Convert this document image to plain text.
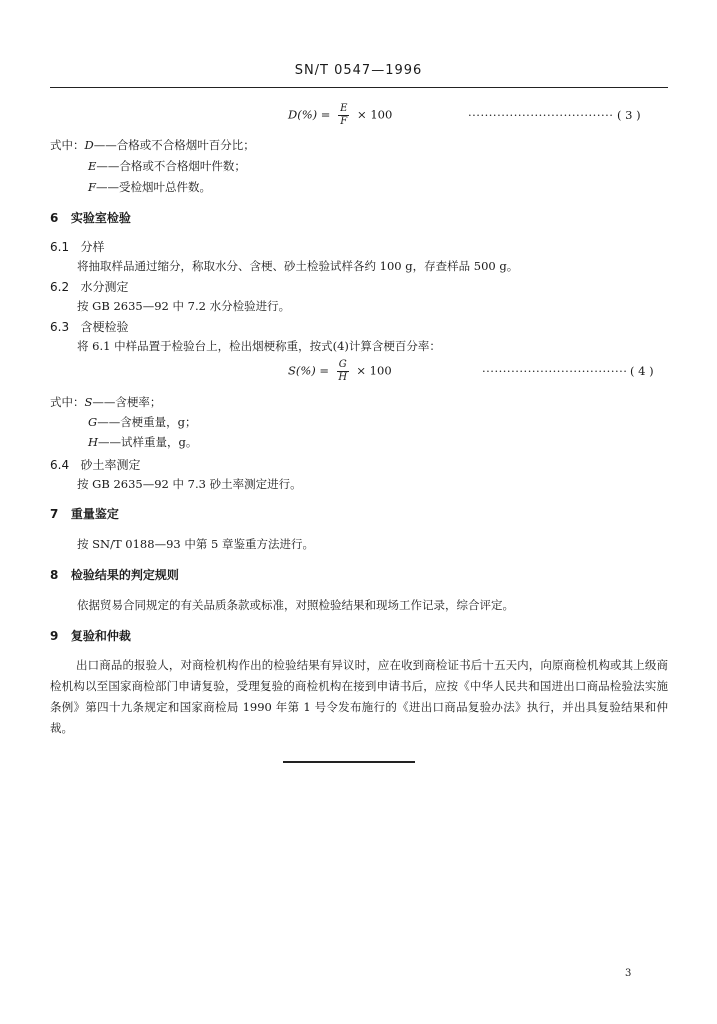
SN/T 0547—1996
$D(\%) = \frac{E}{F} \times 100$	··································· ( 3 )
式中：D——合格或不合格烟叶百分比；
E——合格或不合格烟叶件数；
F——受检烟叶总件数。
6 实验室检验
6.1 分样
将抽取样品通过缩分，称取水分、含梗、砂土检验试样各约 100 g，存查样品 500 g。
6.2 水分测定
按 GB 2635—92 中 7.2 水分检验进行。
6.3 含梗检验
将 6.1 中样品置于检验台上，检出烟梗称重，按式(4)计算含梗百分率：
$S(\%) = \frac{G}{H} \times 100$	··································· ( 4 )
式中：S——含梗率；
G——含梗重量，g；
H——试样重量，g。
6.4 砂土率测定
按 GB 2635—92 中 7.3 砂土率测定进行。
7 重量鉴定
按 SN/T 0188—93 中第 5 章鉴重方法进行。
8 检验结果的判定规则
依据贸易合同规定的有关品质条款或标准，对照检验结果和现场工作记录，综合评定。
9 复验和仲裁
出口商品的报验人，对商检机构作出的检验结果有异议时，应在收到商检证书后十五天内，向原商检机构或其上级商检机构以至国家商检部门申请复验，受理复验的商检机构在接到申请书后，应按《中华人民共和国进出口商品检验法实施条例》第四十九条规定和国家商检局 1990 年第 1 号令发布施行的《进出口商品复验办法》执行，并出具复验结果和仲裁。
3
